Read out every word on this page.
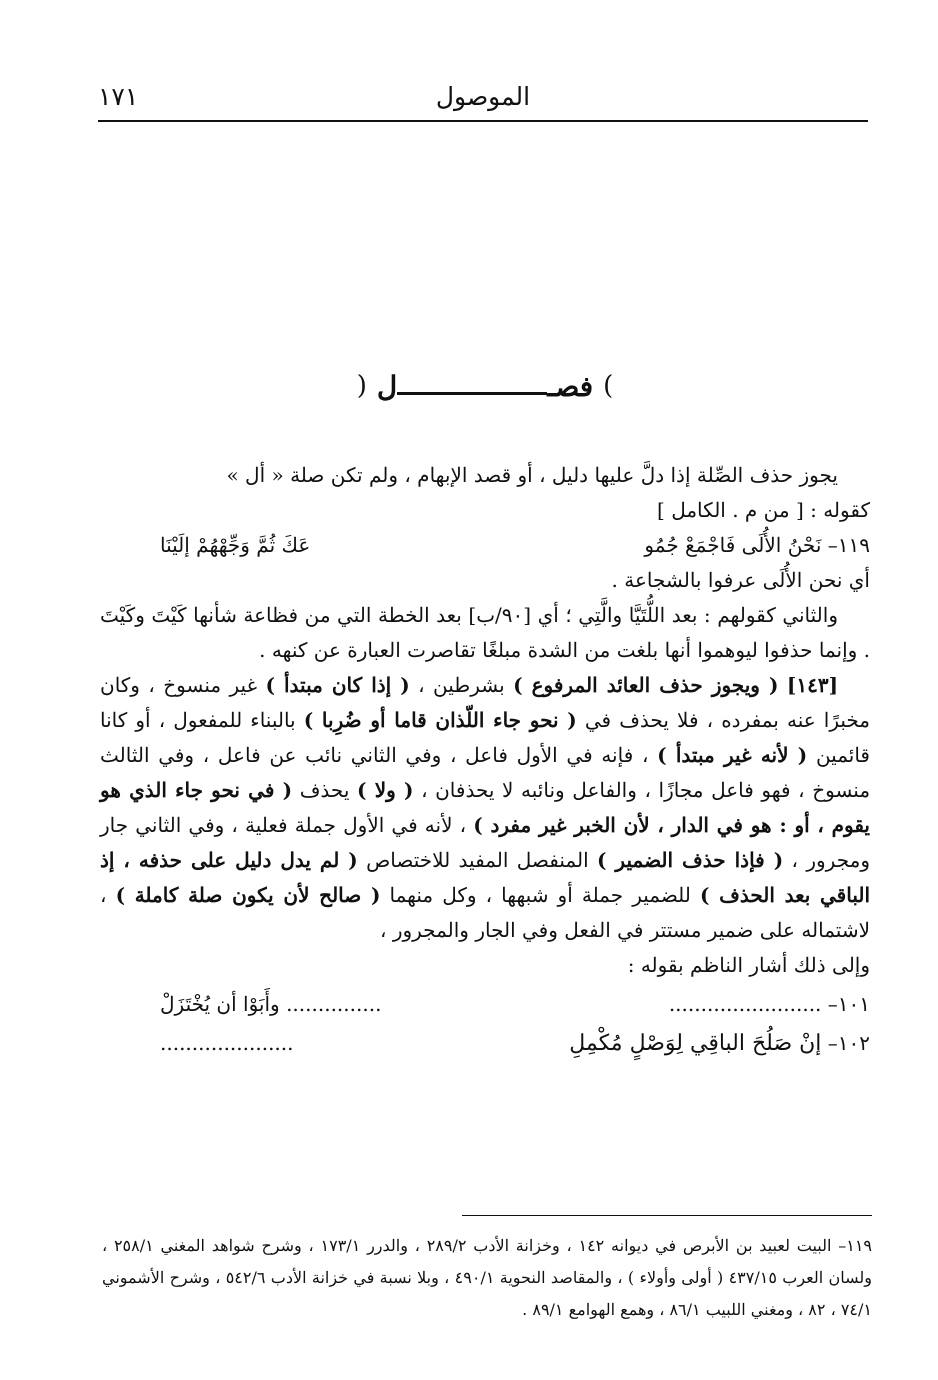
١٧١	الموصول
) ل	فصـ (

يجوز حذف الصِّلة إذا دلَّ عليها دليل ، أو قصد الإبهام ، ولم تكن صلة « أل »

كقوله : [ من م . الكامل ]

١١٩– نَحْنُ الأُلَى فَاجْمَعْ جُمُو
عَكَ ثُمَّ وَجِّهْهُمْ إلَيْنَا

أي نحن الأُلَى عرفوا بالشجاعة .

والثاني كقولهم : بعد اللُّتَيَّا والَّتِي ؛ أي [٩٠/ب] بعد الخطة التي من فظاعة شأنها كَيْتَ وكَيْتَ . وإنما حذفوا ليوهموا أنها بلغت من الشدة مبلغًا تقاصرت العبارة عن كنهه .

[١٤٣] ( ويجوز حذف العائد المرفوع ) بشرطين ، ( إذا كان مبتدأ ) غير منسوخ ، وكان مخبرًا عنه بمفرده ، فلا يحذف في ( نحو جاء اللّذان قاما أو ضُرِبا ) بالبناء للمفعول ، أو كانا قائمين ( لأنه غير مبتدأ ) ، فإنه في الأول فاعل ، وفي الثاني نائب عن فاعل ، وفي الثالث منسوخ ، فهو فاعل مجازًا ، والفاعل ونائبه لا يحذفان ، ( ولا ) يحذف ( في نحو جاء الذي هو يقوم ، أو : هو في الدار ، لأن الخبر غير مفرد ) ، لأنه في الأول جملة فعلية ، وفي الثاني جار ومجرور ، ( فإذا حذف الضمير ) المنفصل المفيد للاختصاص ( لم يدل دليل على حذفه ، إذ الباقي بعد الحذف ) للضمير جملة أو شبهها ، وكل منهما ( صالح لأن يكون صلة كاملة ) ، لاشتماله على ضمير مستتر في الفعل وفي الجار والمجرور ،

وإلى ذلك أشار الناظم بقوله :

١٠١– ........................
............... وأَبَوْا أن يُخْتَزَلْ
١٠٢– إنْ صَلُحَ الباقِي لِوَصْلٍ مُكْمِلِ
.....................

١١٩– البيت لعبيد بن الأبرص في ديوانه ١٤٢ ، وخزانة الأدب ٢٨٩/٢ ، والدرر ١٧٣/١ ، وشرح شواهد المغني ٢٥٨/١ ، ولسان العرب ٤٣٧/١٥ ( أولى وأولاء ) ، والمقاصد النحوية ٤٩٠/١ ، وبلا نسبة في خزانة الأدب ٥٤٢/٦ ، وشرح الأشموني ٧٤/١ ، ٨٢ ، ومغني اللبيب ٨٦/١ ، وهمع الهوامع ٨٩/١ .
